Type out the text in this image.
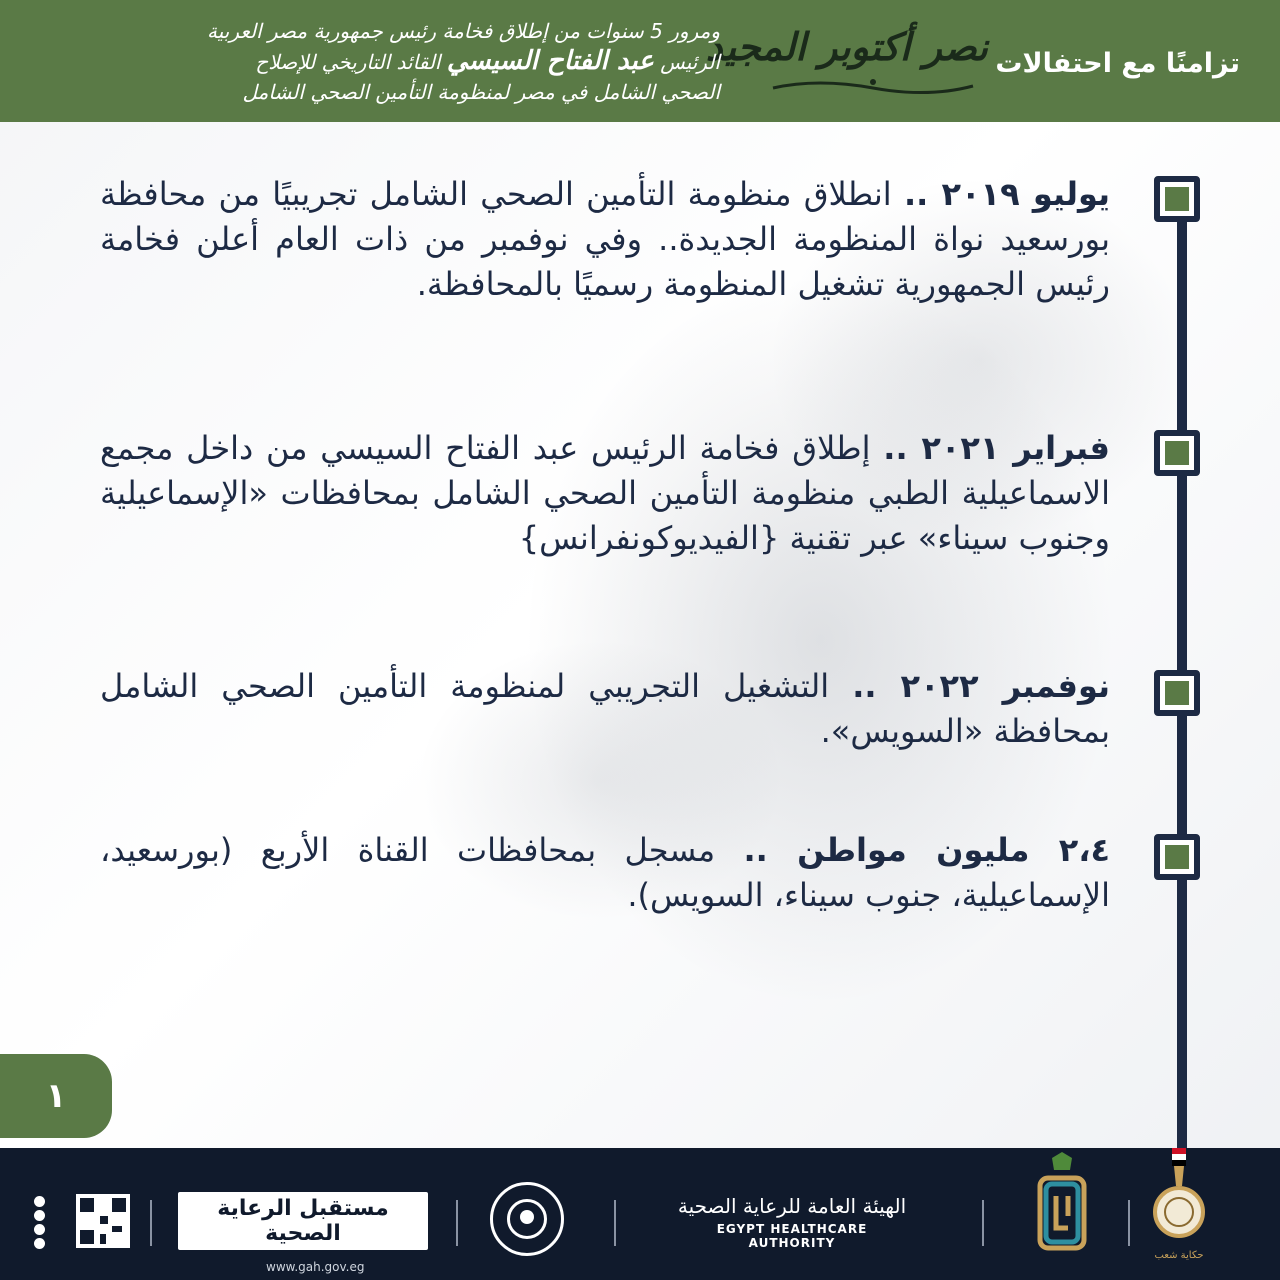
تزامنًا مع احتفالات
نصر أكتوبر المجيد
ومرور 5 سنوات من إطلاق فخامة رئيس جمهورية مصر العربية
الرئيس عبد الفتاح السيسي القائد التاريخي للإصلاح
الصحي الشامل في مصر لمنظومة التأمين الصحي الشامل
يوليو ٢٠١٩ .. انطلاق منظومة التأمين الصحي الشامل تجريبيًا من محافظة بورسعيد نواة المنظومة الجديدة.. وفي نوفمبر من ذات العام أعلن فخامة رئيس الجمهورية تشغيل المنظومة رسميًا بالمحافظة.
فبراير ٢٠٢١ .. إطلاق فخامة الرئيس عبد الفتاح السيسي من داخل مجمع الاسماعيلية الطبي منظومة التأمين الصحي الشامل بمحافظات «الإسماعيلية وجنوب سيناء» عبر تقنية {الفيديوكونفرانس}
نوفمبر ٢٠٢٢ .. التشغيل التجريبي لمنظومة التأمين الصحي الشامل بمحافظة «السويس».
٢،٤ مليون مواطن .. مسجل بمحافظات القناة الأربع (بورسعيد، الإسماعيلية، جنوب سيناء، السويس).
١
مستقبل الرعاية الصحية
www.gah.gov.eg
الهيئة العامة للرعاية الصحية
EGYPT HEALTHCARE AUTHORITY
حكاية شعب
